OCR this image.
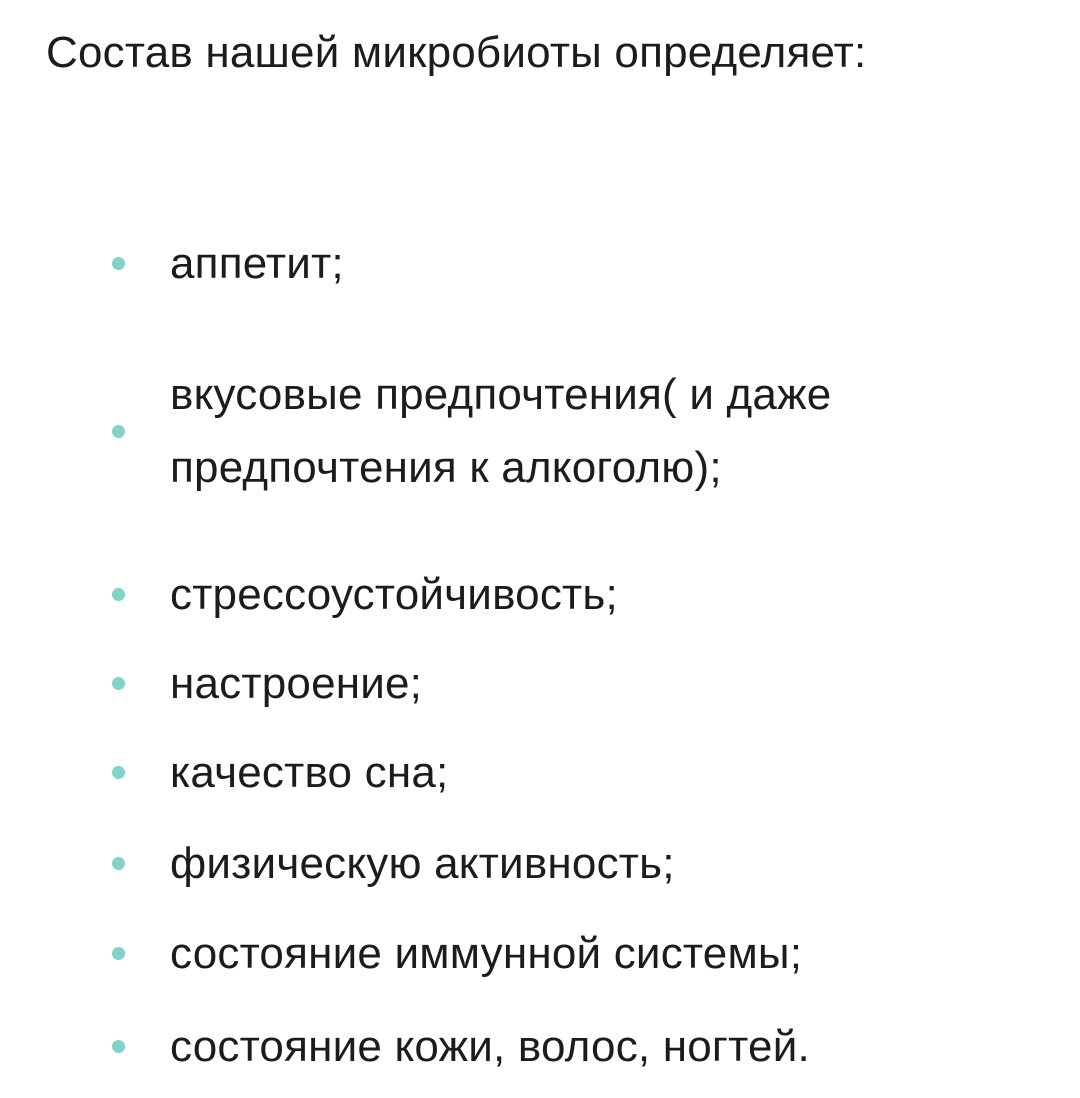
Состав нашей микробиоты определяет:

аппетит;
вкусовые предпочтения( и даже предпочтения к алкоголю);
стрессоустойчивость;
настроение;
качество сна;
физическую активность;
состояние иммунной системы;
состояние кожи, волос, ногтей.
